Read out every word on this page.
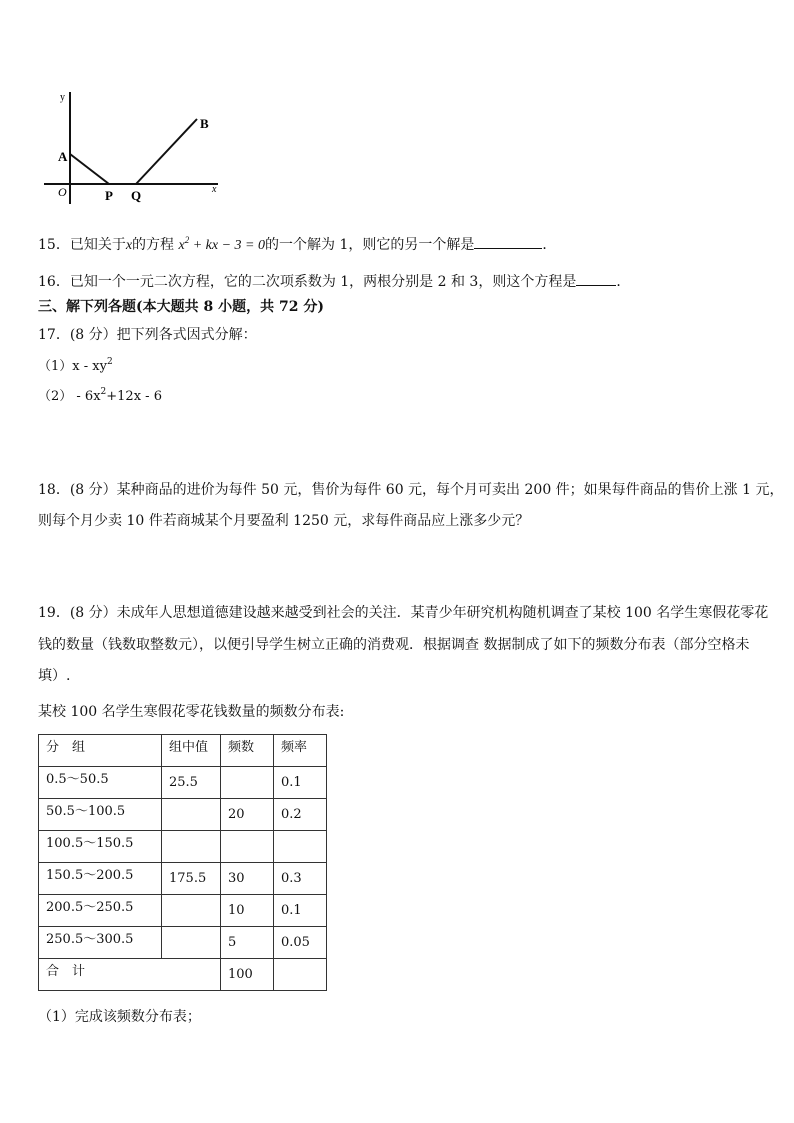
y
x
O
A
P Q
B
15．已知关于x的方程 $x^2$ + kx − 3 = 0的一个解为 1，则它的另一个解是	．
16．已知一个一元二次方程，它的二次项系数为 1，两根分别是 2 和 3，则这个方程是	．
三、解下列各题(本大题共 8 小题，共 72 分)
17．(8 分）把下列各式因式分解：
$(1)x - xy^2$
$(2) - 6x^2+12x - 6$
18．(8 分）某种商品的进价为每件 50 元，售价为每件 60 元，每个月可卖出 200 件；如果每件商品的售价上涨 1 元，
则每个月少卖 10 件若商城某个月要盈利 1250 元，求每件商品应上涨多少元？
19．(8 分）未成年人思想道德建设越来越受到社会的关注．某青少年研究机构随机调查了某校 100 名学生寒假花零花
钱的数量（钱数取整数元），以便引导学生树立正确的消费观．根据调查 数据制成了如下的频数分布表（部分空格未
填）.
某校 100 名学生寒假花零花钱数量的频数分布表:
分　组	组中值	频数	频率
0.5～50.5	25.5		0.1
50.5～100.5		20	0.2
100.5～150.5			
150.5～200.5	175.5	30	0.3
200.5～250.5		10	0.1
250.5～300.5		5	0.05
合　计		100	
（1）完成该频数分布表；
